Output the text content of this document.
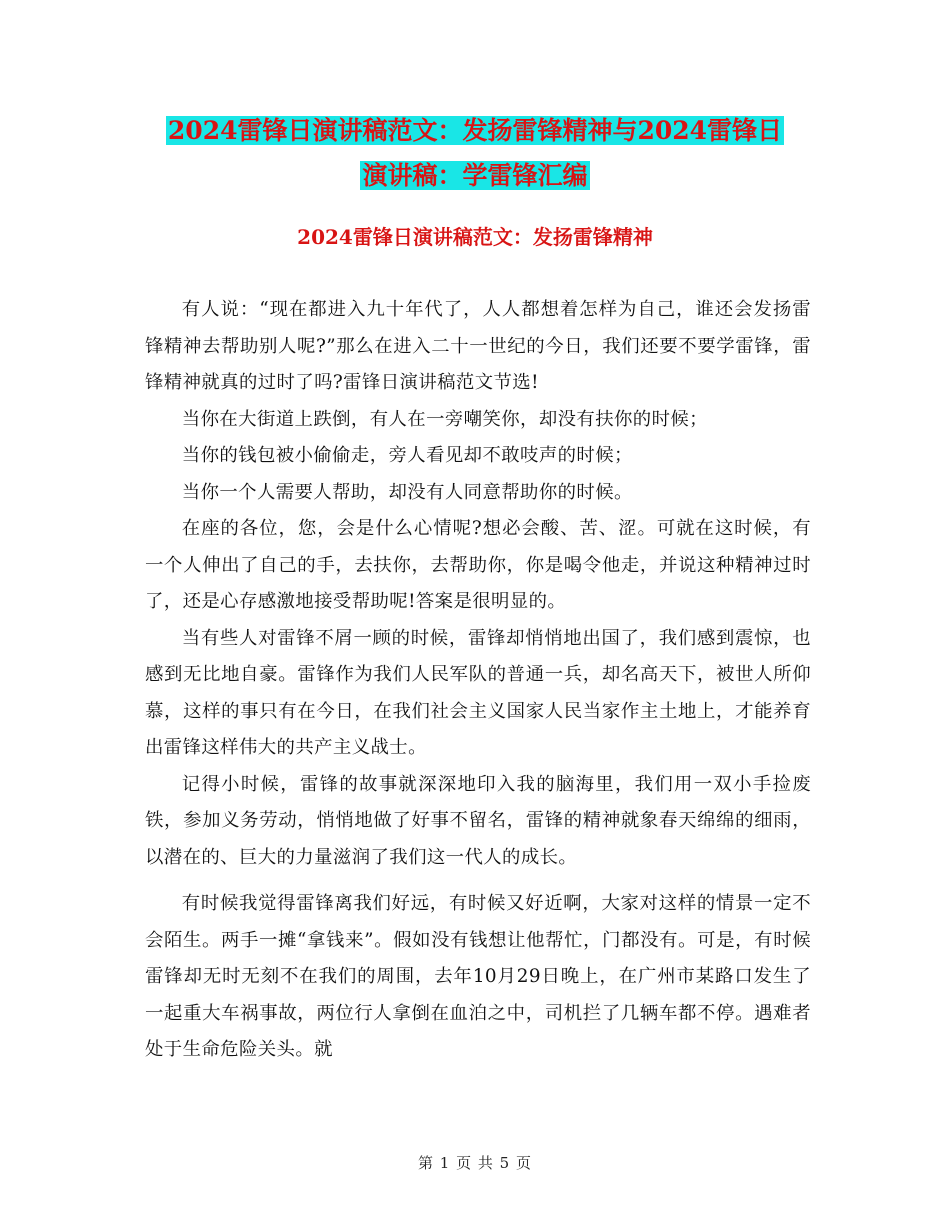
2024雷锋日演讲稿范文：发扬雷锋精神与2024雷锋日
演讲稿：学雷锋汇编
2024雷锋日演讲稿范文：发扬雷锋精神

有人说：“现在都进入九十年代了，人人都想着怎样为自己，谁还会发扬雷锋精神去帮助别人呢?”那么在进入二十一世纪的今日，我们还要不要学雷锋，雷锋精神就真的过时了吗?雷锋日演讲稿范文节选!

当你在大街道上跌倒，有人在一旁嘲笑你，却没有扶你的时候；

当你的钱包被小偷偷走，旁人看见却不敢吱声的时候；

当你一个人需要人帮助，却没有人同意帮助你的时候。

在座的各位，您，会是什么心情呢?想必会酸、苦、涩。可就在这时候，有一个人伸出了自己的手，去扶你，去帮助你，你是喝令他走，并说这种精神过时了，还是心存感激地接受帮助呢!答案是很明显的。

当有些人对雷锋不屑一顾的时候，雷锋却悄悄地出国了，我们感到震惊，也感到无比地自豪。雷锋作为我们人民军队的普通一兵，却名高天下，被世人所仰慕，这样的事只有在今日，在我们社会主义国家人民当家作主土地上，才能养育出雷锋这样伟大的共产主义战士。

记得小时候，雷锋的故事就深深地印入我的脑海里，我们用一双小手捡废铁，参加义务劳动，悄悄地做了好事不留名，雷锋的精神就象春天绵绵的细雨，以潜在的、巨大的力量滋润了我们这一代人的成长。

有时候我觉得雷锋离我们好远，有时候又好近啊，大家对这样的情景一定不会陌生。两手一摊“拿钱来”。假如没有钱想让他帮忙，门都没有。可是，有时候雷锋却无时无刻不在我们的周围，去年10月29日晚上，在广州市某路口发生了一起重大车祸事故，两位行人拿倒在血泊之中，司机拦了几辆车都不停。遇难者处于生命危险关头。就

第 1 页 共 5 页
